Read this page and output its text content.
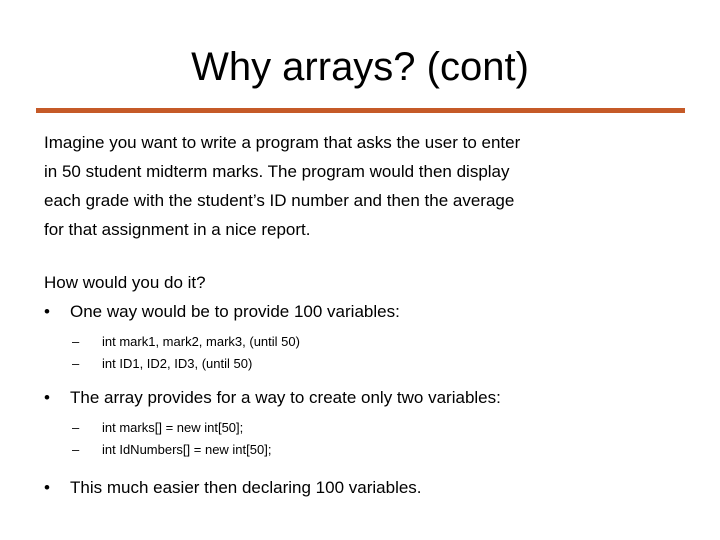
Why arrays? (cont)

Imagine you want to write a program that asks the user to enter
in 50 student midterm marks. The program would then display
each grade with the student’s ID number and then the average
for that assignment in a nice report.

How would you do it?

• One way would be to provide 100 variables:
– int mark1, mark2, mark3, (until 50)
– int ID1, ID2, ID3, (until 50)
• The array provides for a way to create only two variables:
– int marks[] = new int[50];
– int IdNumbers[] = new int[50];
• This much easier then declaring 100 variables.
